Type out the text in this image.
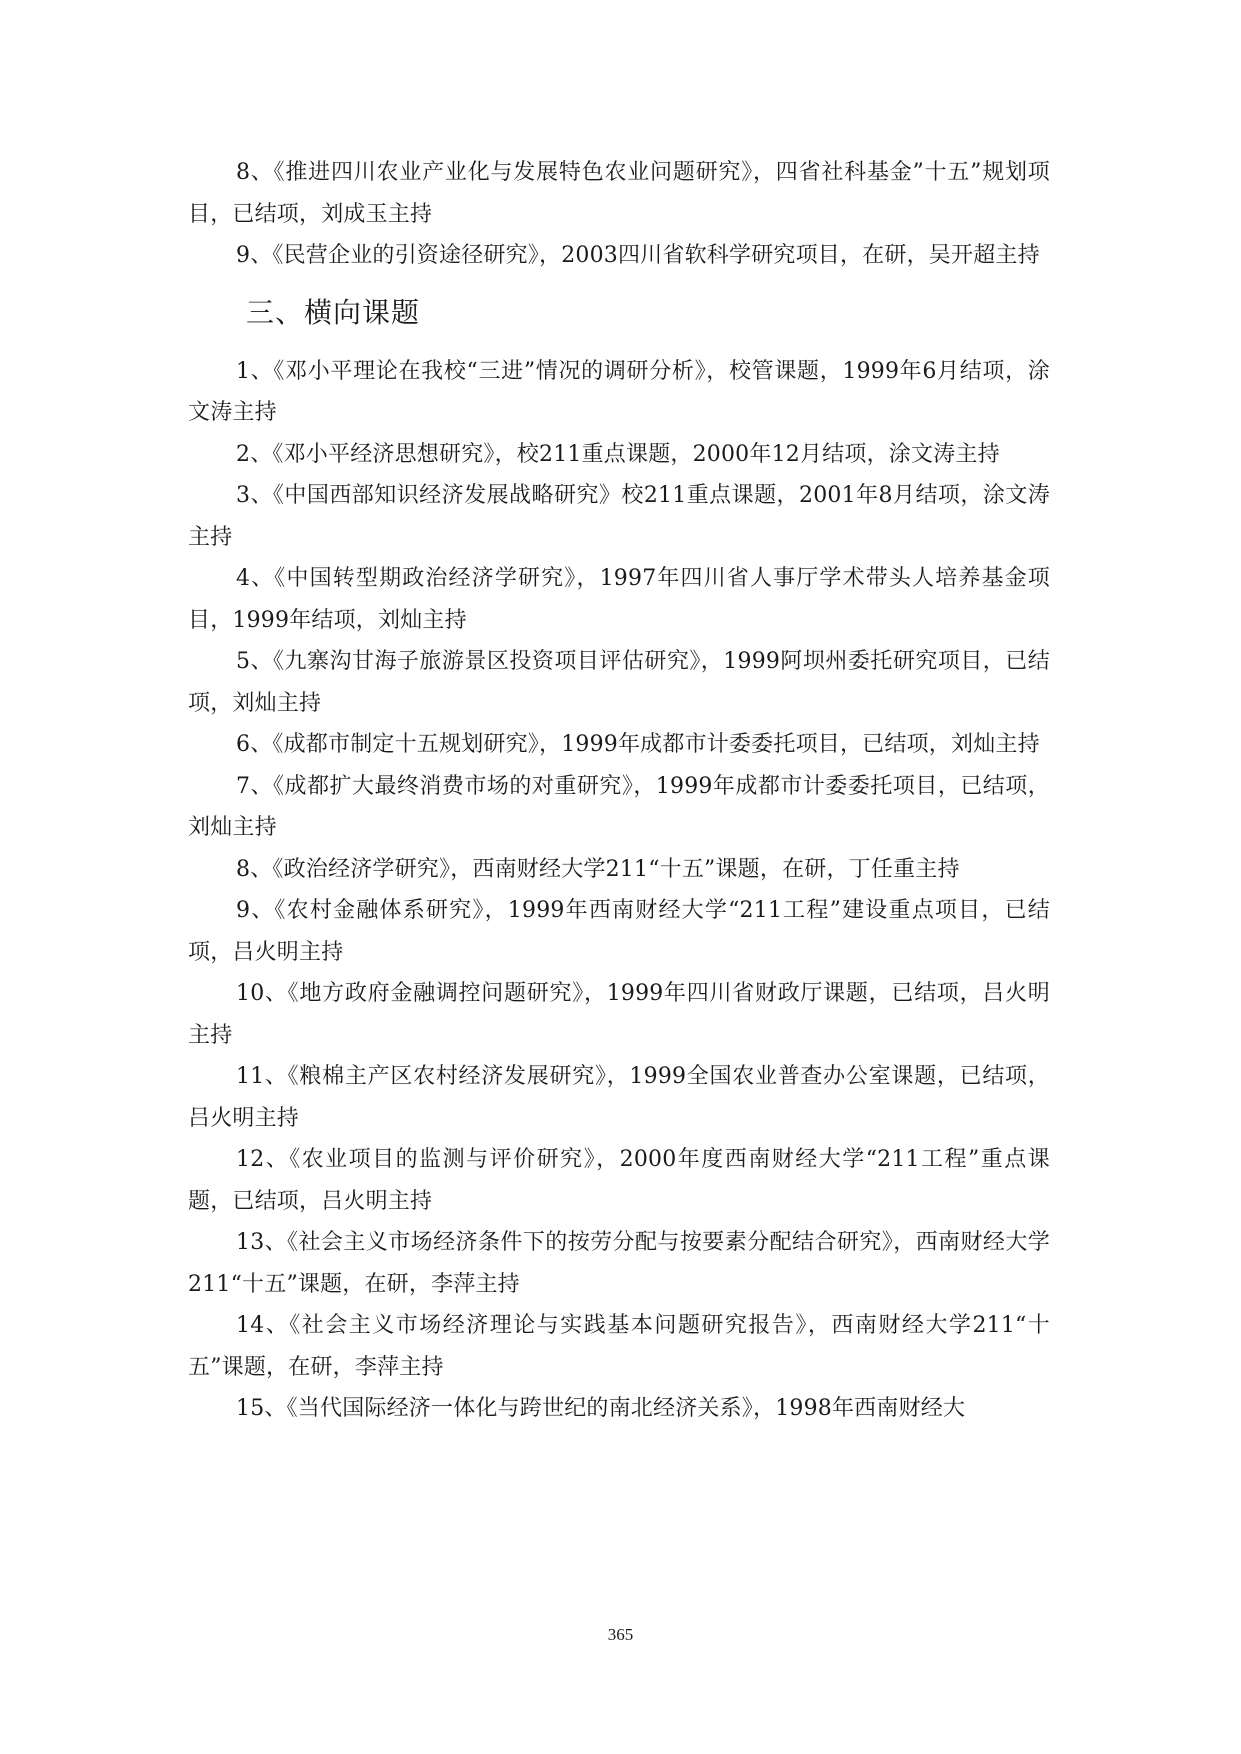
8、《推进四川农业产业化与发展特色农业问题研究》，四省社科基金”十五”规划项目，已结项，刘成玉主持

9、《民营企业的引资途径研究》，2003四川省软科学研究项目，在研，吴开超主持

三、横向课题

1、《邓小平理论在我校“三进”情况的调研分析》，校管课题，1999年6月结项，涂文涛主持

2、《邓小平经济思想研究》，校211重点课题，2000年12月结项，涂文涛主持

3、《中国西部知识经济发展战略研究》校211重点课题，2001年8月结项，涂文涛主持

4、《中国转型期政治经济学研究》，1997年四川省人事厅学术带头人培养基金项目，1999年结项，刘灿主持

5、《九寨沟甘海子旅游景区投资项目评估研究》，1999阿坝州委托研究项目，已结项，刘灿主持

6、《成都市制定十五规划研究》，1999年成都市计委委托项目，已结项，刘灿主持

7、《成都扩大最终消费市场的对重研究》，1999年成都市计委委托项目，已结项，刘灿主持

8、《政治经济学研究》，西南财经大学211“十五”课题，在研，丁任重主持

9、《农村金融体系研究》，1999年西南财经大学“211工程”建设重点项目，已结项，吕火明主持

10、《地方政府金融调控问题研究》，1999年四川省财政厅课题，已结项，吕火明主持

11、《粮棉主产区农村经济发展研究》，1999全国农业普查办公室课题，已结项，吕火明主持

12、《农业项目的监测与评价研究》，2000年度西南财经大学“211工程”重点课题，已结项，吕火明主持

13、《社会主义市场经济条件下的按劳分配与按要素分配结合研究》，西南财经大学211“十五”课题，在研，李萍主持

14、《社会主义市场经济理论与实践基本问题研究报告》，西南财经大学211“十五”课题，在研，李萍主持

15、《当代国际经济一体化与跨世纪的南北经济关系》，1998年西南财经大

365
